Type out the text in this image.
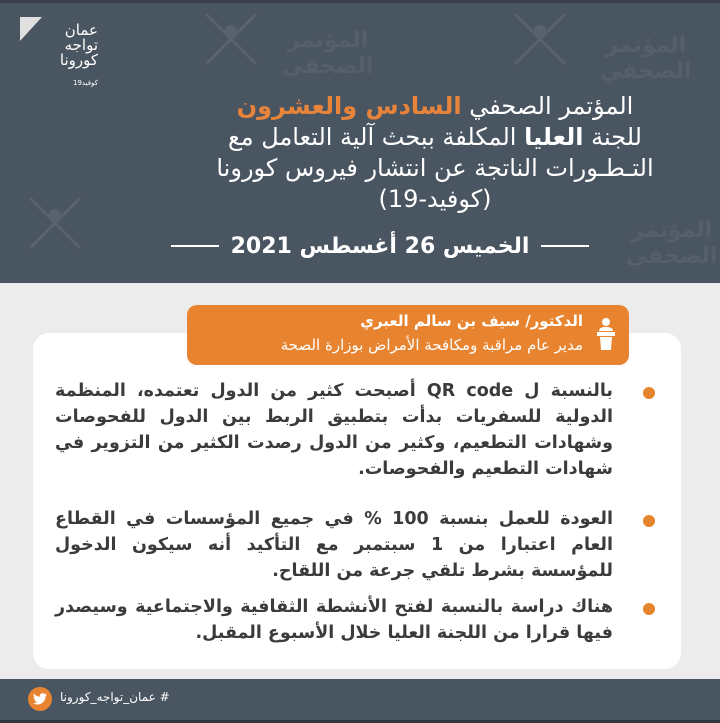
المؤتمر
الصحفي
المؤتمر
الصحفي
المؤتمر
الصحفي
عمان
تواجه
كورونا
كوفيد19
المؤتمر الصحفي السادس والعشرون
للجنة العليا المكلفة ببحث آلية التعامل مع
التـطـورات الناتجة عن انتشار فيروس كورونا
(كوفيد-19)
الخميس 26 أغسطس 2021
الدكتور/ سيف بن سالم العبري
مدير عام مراقبة ومكافحة الأمراض بوزارة الصحة
بالنسبة ل QR code أصبحت كثير من الدول تعتمده، المنظمة الدولية للسفريات بدأت بتطبيق الربط بين الدول للفحوصات وشهادات التطعيم، وكثير من الدول رصدت الكثير من التزوير في شهادات التطعيم والفحوصات.
العودة للعمل بنسبة 100 % في جميع المؤسسات في القطاع العام اعتبارا من 1 سبتمبر مع التأكيد أنه سيكون الدخول للمؤسسة بشرط تلقي جرعة من اللقاح.
هناك دراسة بالنسبة لفتح الأنشطة الثقافية والاجتماعية وسيصدر فيها قرارا من اللجنة العليا خلال الأسبوع المقبل.
# عمان_تواجه_كورونا
